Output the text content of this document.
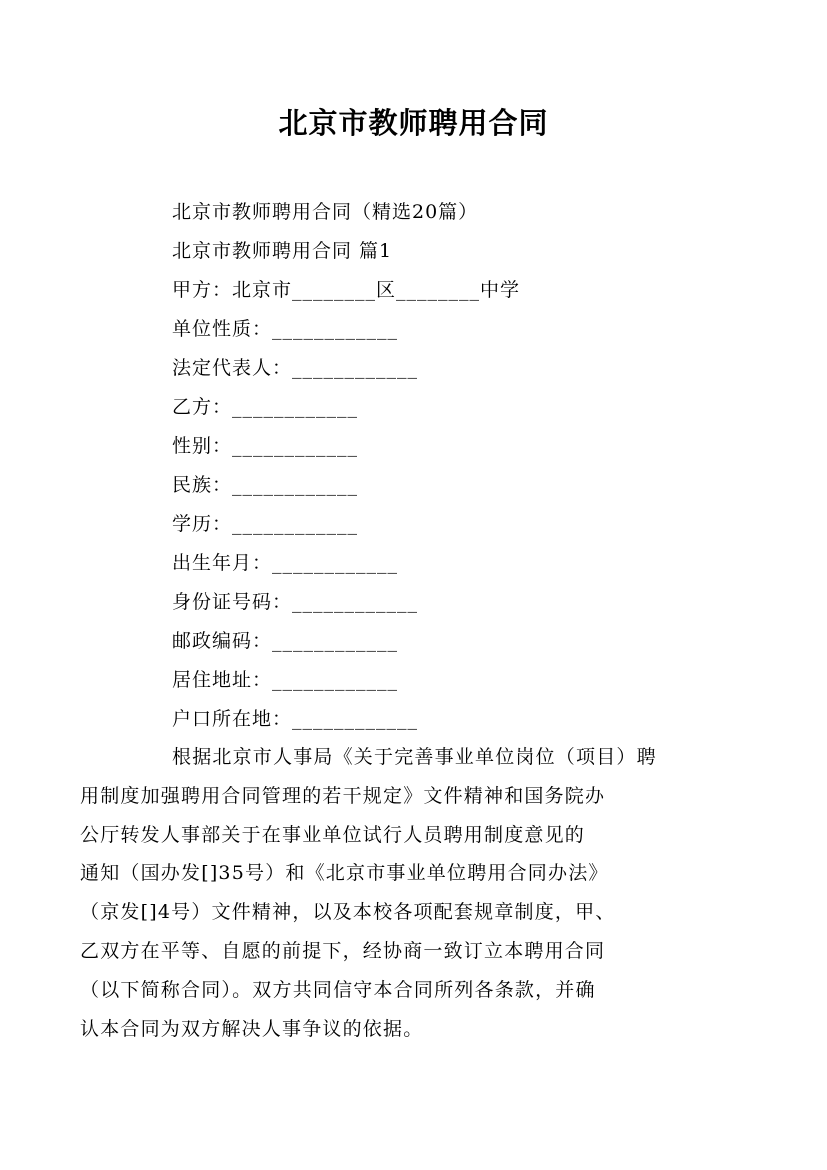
北京市教师聘用合同
北京市教师聘用合同（精选20篇）
北京市教师聘用合同 篇1
甲方：北京市________区________中学
单位性质：____________
法定代表人：____________
乙方：____________
性别：____________
民族：____________
学历：____________
出生年月：____________
身份证号码：____________
邮政编码：____________
居住地址：____________
户口所在地：____________
根据北京市人事局《关于完善事业单位岗位（项目）聘
用制度加强聘用合同管理的若干规定》文件精神和国务院办
公厅转发人事部关于在事业单位试行人员聘用制度意见的
通知（国办发[]35号）和《北京市事业单位聘用合同办法》
（京发[]4号）文件精神，以及本校各项配套规章制度，甲、
乙双方在平等、自愿的前提下，经协商一致订立本聘用合同
（以下简称合同）。双方共同信守本合同所列各条款，并确
认本合同为双方解决人事争议的依据。
